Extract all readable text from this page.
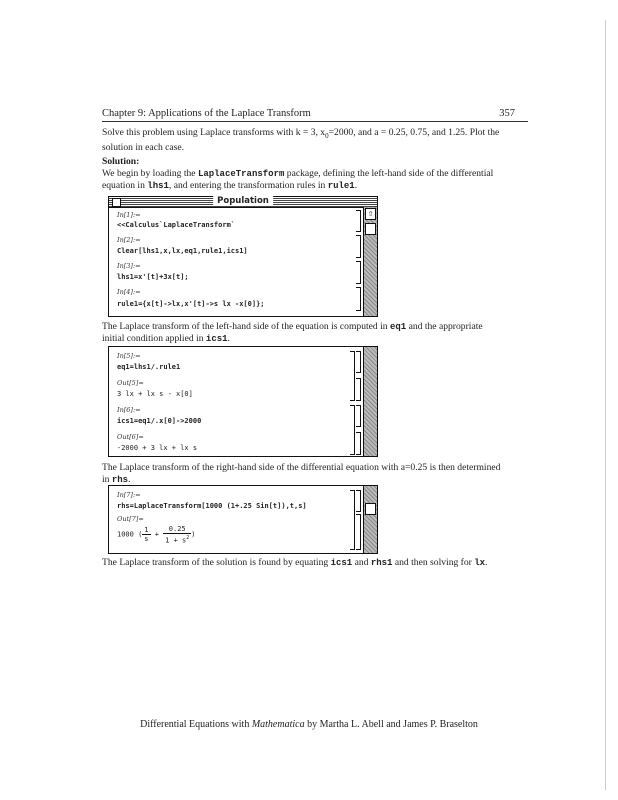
Chapter 9: Applications of the Laplace Transform	357
Solve this problem using Laplace transforms with k = 3, $x_0=2000$, and a = 0.25, 0.75, and 1.25. Plot the
solution in each case.
Solution:
We begin by loading the LaplaceTransform package, defining the left-hand side of the differential
equation in lhs1, and entering the transformation rules in rule1.
Population
⇧
In[1]:=
<<Calculus`LaplaceTransform`
In[2]:=
Clear[lhs1,x,lx,eq1,rule1,ics1]
In[3]:=
lhs1=x'[t]+3x[t];
In[4]:=
rule1={x[t]->lx,x'[t]->s lx -x[0]};
The Laplace transform of the left-hand side of the equation is computed in eq1 and the appropriate
initial condition applied in ics1.
In[5]:=
eq1=lhs1/.rule1
Out[5]=
3 lx + lx s - x[0]
In[6]:=
ics1=eq1/.x[0]->2000
Out[6]=
-2000 + 3 lx + lx s
The Laplace transform of the right-hand side of the differential equation with a=0.25 is then determined
in rhs.
In[7]:=
rhs=LaplaceTransform[1000 (1+.25 Sin[t]),t,s]
Out[7]=
1000 ( $\frac{1}{s} + \frac{0.25}{1 + s^2}$ )
The Laplace transform of the solution is found by equating ics1 and rhs1 and then solving for lx.
Differential Equations with Mathematica by Martha L. Abell and James P. Braselton
